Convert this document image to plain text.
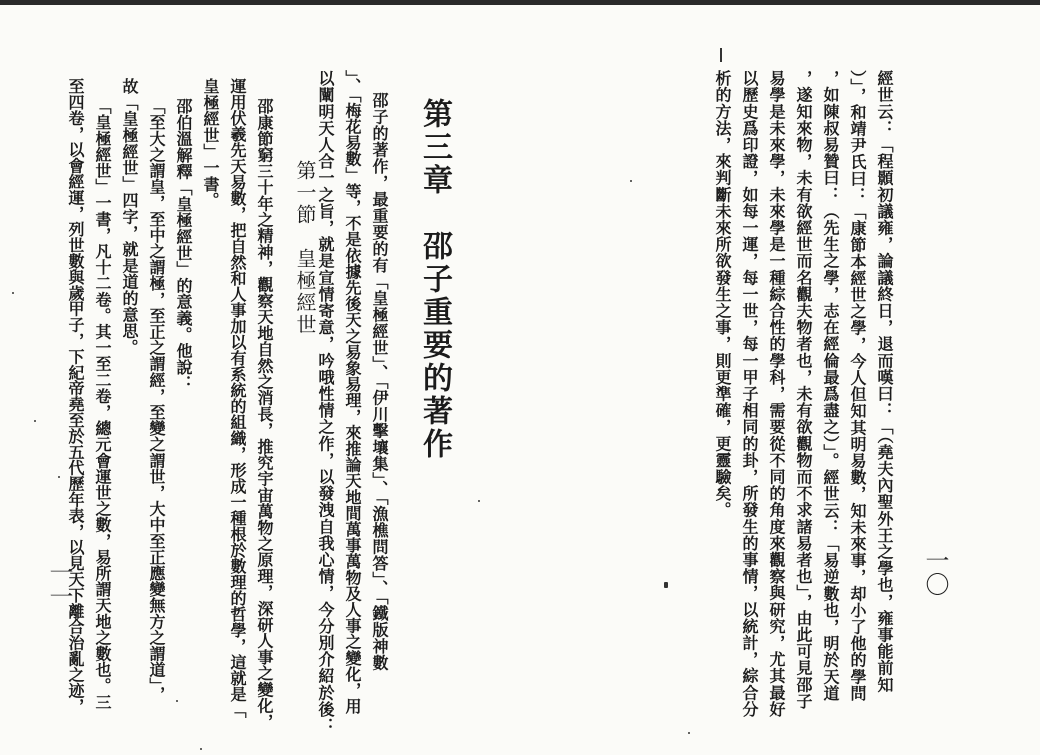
經世云：「程顥初議雍，論議終日，退而嘆曰：「（堯夫內聖外王之學也，雍事能前知
）」，和靖尹氏曰：「康節本經世之學，今人但知其明易數，知未來事，却小了他的學問
，如陳叔易贊曰：（先生之學，志在經倫最爲盡之）」。經世云：「易逆數也，明於天道
，遂知來物，未有欲經世而名觀夫物者也，未有欲觀物而不求諸易者也」，由此可見邵子
易學是未來學，未來學是一種綜合性的學科，需要從不同的角度來觀察與研究，尤其最好
以歷史爲印證，如每一運，每一世，每一甲子相同的卦，所發生的事情，以統計，綜合分
析的方法，來判斷未來所欲發生之事，則更準確，更靈驗矣。
一〇
第三章　邵子重要的著作
邵子的著作，最重要的有「皇極經世」、「伊川擊壤集」、「漁樵問答」、「鐵版神數
」、「梅花易數」等，不是依據先後天之易象易理，來推論天地間萬事萬物及人事之變化，用
以闡明天人合一之旨，就是宣情寄意，吟哦性情之作，以發洩自我心情，今分別介紹於後：
第一節　皇極經世
邵康節窮三十年之精神，觀察天地自然之消長，推究宇宙萬物之原理，深研人事之變化，
運用伏羲先天易數，把自然和人事加以有系統的組織，形成一種根於數理的哲學，這就是「
皇極經世」一書。
邵伯溫解釋「皇極經世」的意義。他說：
「至大之謂皇，至中之謂極，至正之謂經，至變之謂世，大中至正應變無方之謂道」，
故「皇極經世」四字，就是道的意思。
「皇極經世」一書，凡十二卷。其一至二卷，總元會運世之數，易所謂天地之數也。三
至四卷，以會經運，列世數與歲甲子，下紀帝堯至於五代歷年表，以見天下離合治亂之迹，
一一
